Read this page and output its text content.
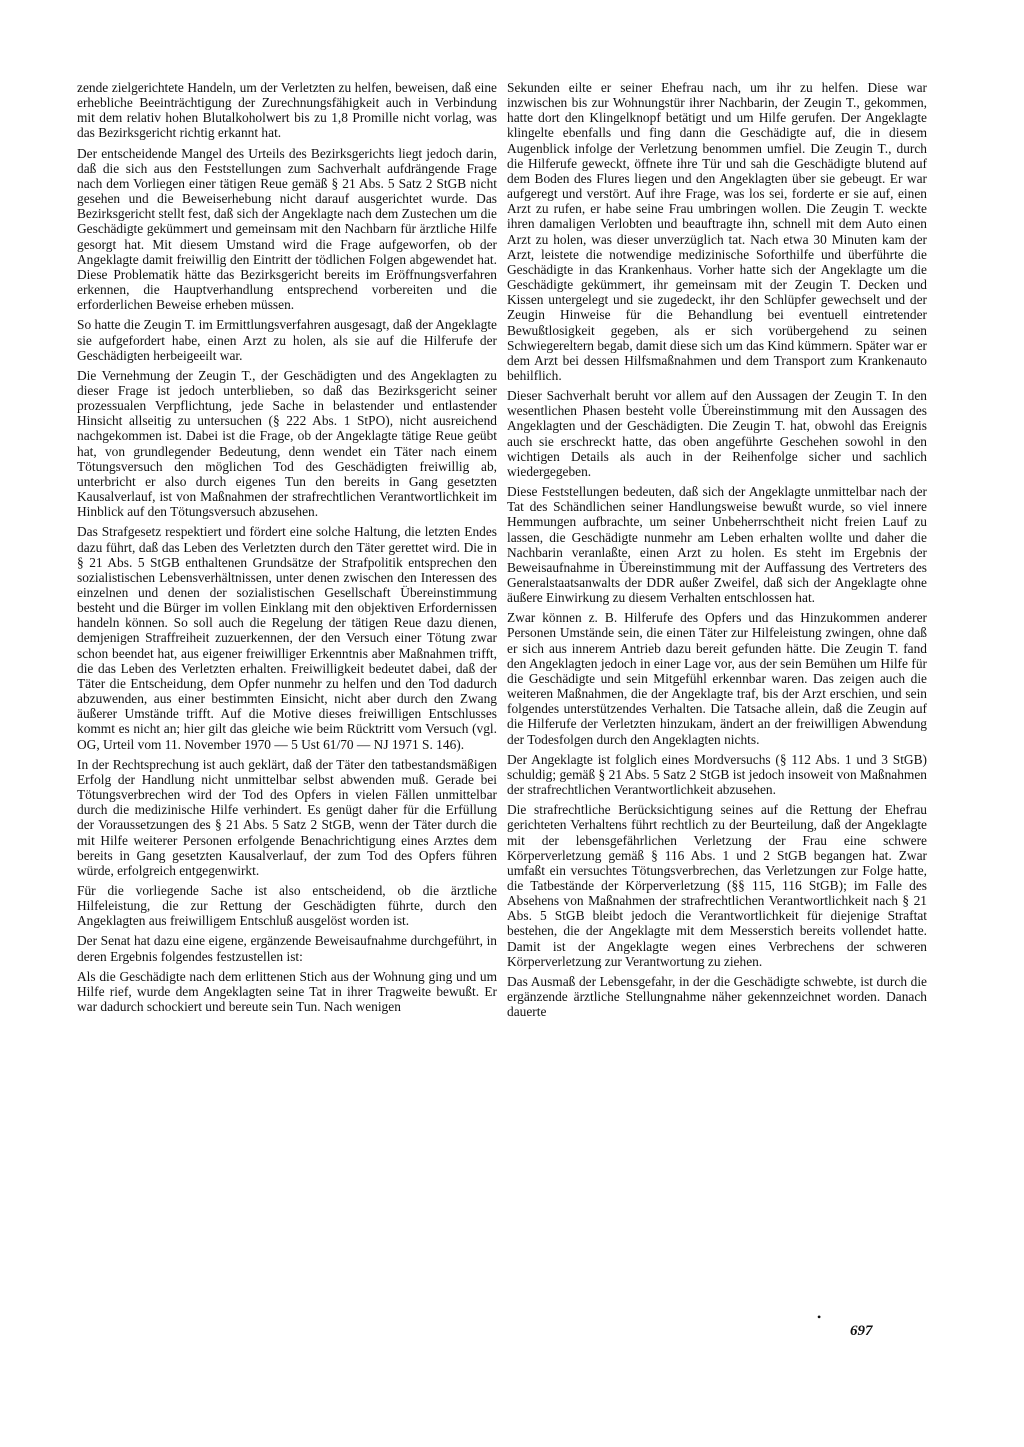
zende zielgerichtete Handeln, um der Verletzten zu helfen, beweisen, daß eine erhebliche Beeinträchtigung der Zurechnungsfähigkeit auch in Verbindung mit dem relativ hohen Blutalkoholwert bis zu 1,8 Promille nicht vorlag, was das Bezirksgericht richtig erkannt hat.

Der entscheidende Mangel des Urteils des Bezirksgerichts liegt jedoch darin, daß die sich aus den Feststellungen zum Sachverhalt aufdrängende Frage nach dem Vorliegen einer tätigen Reue gemäß § 21 Abs. 5 Satz 2 StGB nicht gesehen und die Beweiserhebung nicht darauf ausgerichtet wurde. Das Bezirksgericht stellt fest, daß sich der Angeklagte nach dem Zustechen um die Geschädigte gekümmert und gemeinsam mit den Nachbarn für ärztliche Hilfe gesorgt hat. Mit diesem Umstand wird die Frage aufgeworfen, ob der Angeklagte damit freiwillig den Eintritt der tödlichen Folgen abgewendet hat. Diese Problematik hätte das Bezirksgericht bereits im Eröffnungsverfahren erkennen, die Hauptverhandlung entsprechend vorbereiten und die erforderlichen Beweise erheben müssen.

So hatte die Zeugin T. im Ermittlungsverfahren ausgesagt, daß der Angeklagte sie aufgefordert habe, einen Arzt zu holen, als sie auf die Hilferufe der Geschädigten herbeigeeilt war.

Die Vernehmung der Zeugin T., der Geschädigten und des Angeklagten zu dieser Frage ist jedoch unterblieben, so daß das Bezirksgericht seiner prozessualen Verpflichtung, jede Sache in belastender und entlastender Hinsicht allseitig zu untersuchen (§ 222 Abs. 1 StPO), nicht ausreichend nachgekommen ist. Dabei ist die Frage, ob der Angeklagte tätige Reue geübt hat, von grundlegender Bedeutung, denn wendet ein Täter nach einem Tötungsversuch den möglichen Tod des Geschädigten freiwillig ab, unterbricht er also durch eigenes Tun den bereits in Gang gesetzten Kausalverlauf, ist von Maßnahmen der strafrechtlichen Verantwortlichkeit im Hinblick auf den Tötungsversuch abzusehen.

Das Strafgesetz respektiert und fördert eine solche Haltung, die letzten Endes dazu führt, daß das Leben des Verletzten durch den Täter gerettet wird. Die in § 21 Abs. 5 StGB enthaltenen Grundsätze der Strafpolitik entsprechen den sozialistischen Lebensverhältnissen, unter denen zwischen den Interessen des einzelnen und denen der sozialistischen Gesellschaft Übereinstimmung besteht und die Bürger im vollen Einklang mit den objektiven Erfordernissen handeln können. So soll auch die Regelung der tätigen Reue dazu dienen, demjenigen Straffreiheit zuzuerkennen, der den Versuch einer Tötung zwar schon beendet hat, aus eigener freiwilliger Erkenntnis aber Maßnahmen trifft, die das Leben des Verletzten erhalten. Freiwilligkeit bedeutet dabei, daß der Täter die Entscheidung, dem Opfer nunmehr zu helfen und den Tod dadurch abzuwenden, aus einer bestimmten Einsicht, nicht aber durch den Zwang äußerer Umstände trifft. Auf die Motive dieses freiwilligen Entschlusses kommt es nicht an; hier gilt das gleiche wie beim Rücktritt vom Versuch (vgl. OG, Urteil vom 11. November 1970 — 5 Ust 61/70 — NJ 1971 S. 146).

In der Rechtsprechung ist auch geklärt, daß der Täter den tatbestandsmäßigen Erfolg der Handlung nicht unmittelbar selbst abwenden muß. Gerade bei Tötungsverbrechen wird der Tod des Opfers in vielen Fällen unmittelbar durch die medizinische Hilfe verhindert. Es genügt daher für die Erfüllung der Voraussetzungen des § 21 Abs. 5 Satz 2 StGB, wenn der Täter durch die mit Hilfe weiterer Personen erfolgende Benachrichtigung eines Arztes dem bereits in Gang gesetzten Kausalverlauf, der zum Tod des Opfers führen würde, erfolgreich entgegenwirkt.

Für die vorliegende Sache ist also entscheidend, ob die ärztliche Hilfeleistung, die zur Rettung der Geschädigten führte, durch den Angeklagten aus freiwilligem Entschluß ausgelöst worden ist.

Der Senat hat dazu eine eigene, ergänzende Beweisaufnahme durchgeführt, in deren Ergebnis folgendes festzustellen ist:

Als die Geschädigte nach dem erlittenen Stich aus der Wohnung ging und um Hilfe rief, wurde dem Angeklagten seine Tat in ihrer Tragweite bewußt. Er war dadurch schockiert und bereute sein Tun. Nach wenigen

Sekunden eilte er seiner Ehefrau nach, um ihr zu helfen. Diese war inzwischen bis zur Wohnungstür ihrer Nachbarin, der Zeugin T., gekommen, hatte dort den Klingelknopf betätigt und um Hilfe gerufen. Der Angeklagte klingelte ebenfalls und fing dann die Geschädigte auf, die in diesem Augenblick infolge der Verletzung benommen umfiel. Die Zeugin T., durch die Hilferufe geweckt, öffnete ihre Tür und sah die Geschädigte blutend auf dem Boden des Flures liegen und den Angeklagten über sie gebeugt. Er war aufgeregt und verstört. Auf ihre Frage, was los sei, forderte er sie auf, einen Arzt zu rufen, er habe seine Frau umbringen wollen. Die Zeugin T. weckte ihren damaligen Verlobten und beauftragte ihn, schnell mit dem Auto einen Arzt zu holen, was dieser unverzüglich tat. Nach etwa 30 Minuten kam der Arzt, leistete die notwendige medizinische Soforthilfe und überführte die Geschädigte in das Krankenhaus. Vorher hatte sich der Angeklagte um die Geschädigte gekümmert, ihr gemeinsam mit der Zeugin T. Decken und Kissen untergelegt und sie zugedeckt, ihr den Schlüpfer gewechselt und der Zeugin Hinweise für die Behandlung bei eventuell eintretender Bewußtlosigkeit gegeben, als er sich vorübergehend zu seinen Schwiegereltern begab, damit diese sich um das Kind kümmern. Später war er dem Arzt bei dessen Hilfsmaßnahmen und dem Transport zum Krankenauto behilflich.

Dieser Sachverhalt beruht vor allem auf den Aussagen der Zeugin T. In den wesentlichen Phasen besteht volle Übereinstimmung mit den Aussagen des Angeklagten und der Geschädigten. Die Zeugin T. hat, obwohl das Ereignis auch sie erschreckt hatte, das oben angeführte Geschehen sowohl in den wichtigen Details als auch in der Reihenfolge sicher und sachlich wiedergegeben.

Diese Feststellungen bedeuten, daß sich der Angeklagte unmittelbar nach der Tat des Schändlichen seiner Handlungsweise bewußt wurde, so viel innere Hemmungen aufbrachte, um seiner Unbeherrschtheit nicht freien Lauf zu lassen, die Geschädigte nunmehr am Leben erhalten wollte und daher die Nachbarin veranlaßte, einen Arzt zu holen. Es steht im Ergebnis der Beweisaufnahme in Übereinstimmung mit der Auffassung des Vertreters des Generalstaatsanwalts der DDR außer Zweifel, daß sich der Angeklagte ohne äußere Einwirkung zu diesem Verhalten entschlossen hat.

Zwar können z. B. Hilferufe des Opfers und das Hinzukommen anderer Personen Umstände sein, die einen Täter zur Hilfeleistung zwingen, ohne daß er sich aus innerem Antrieb dazu bereit gefunden hätte. Die Zeugin T. fand den Angeklagten jedoch in einer Lage vor, aus der sein Bemühen um Hilfe für die Geschädigte und sein Mitgefühl erkennbar waren. Das zeigen auch die weiteren Maßnahmen, die der Angeklagte traf, bis der Arzt erschien, und sein folgendes unterstützendes Verhalten. Die Tatsache allein, daß die Zeugin auf die Hilferufe der Verletzten hinzukam, ändert an der freiwilligen Abwendung der Todesfolgen durch den Angeklagten nichts.

Der Angeklagte ist folglich eines Mordversuchs (§ 112 Abs. 1 und 3 StGB) schuldig; gemäß § 21 Abs. 5 Satz 2 StGB ist jedoch insoweit von Maßnahmen der strafrechtlichen Verantwortlichkeit abzusehen.

Die strafrechtliche Berücksichtigung seines auf die Rettung der Ehefrau gerichteten Verhaltens führt rechtlich zu der Beurteilung, daß der Angeklagte mit der lebensgefährlichen Verletzung der Frau eine schwere Körperverletzung gemäß § 116 Abs. 1 und 2 StGB begangen hat. Zwar umfaßt ein versuchtes Tötungsverbrechen, das Verletzungen zur Folge hatte, die Tatbestände der Körperverletzung (§§ 115, 116 StGB); im Falle des Absehens von Maßnahmen der strafrechtlichen Verantwortlichkeit nach § 21 Abs. 5 StGB bleibt jedoch die Verantwortlichkeit für diejenige Straftat bestehen, die der Angeklagte mit dem Messerstich bereits vollendet hatte. Damit ist der Angeklagte wegen eines Verbrechens der schweren Körperverletzung zur Verantwortung zu ziehen.

Das Ausmaß der Lebensgefahr, in der die Geschädigte schwebte, ist durch die ergänzende ärztliche Stellungnahme näher gekennzeichnet worden. Danach dauerte

•
697
